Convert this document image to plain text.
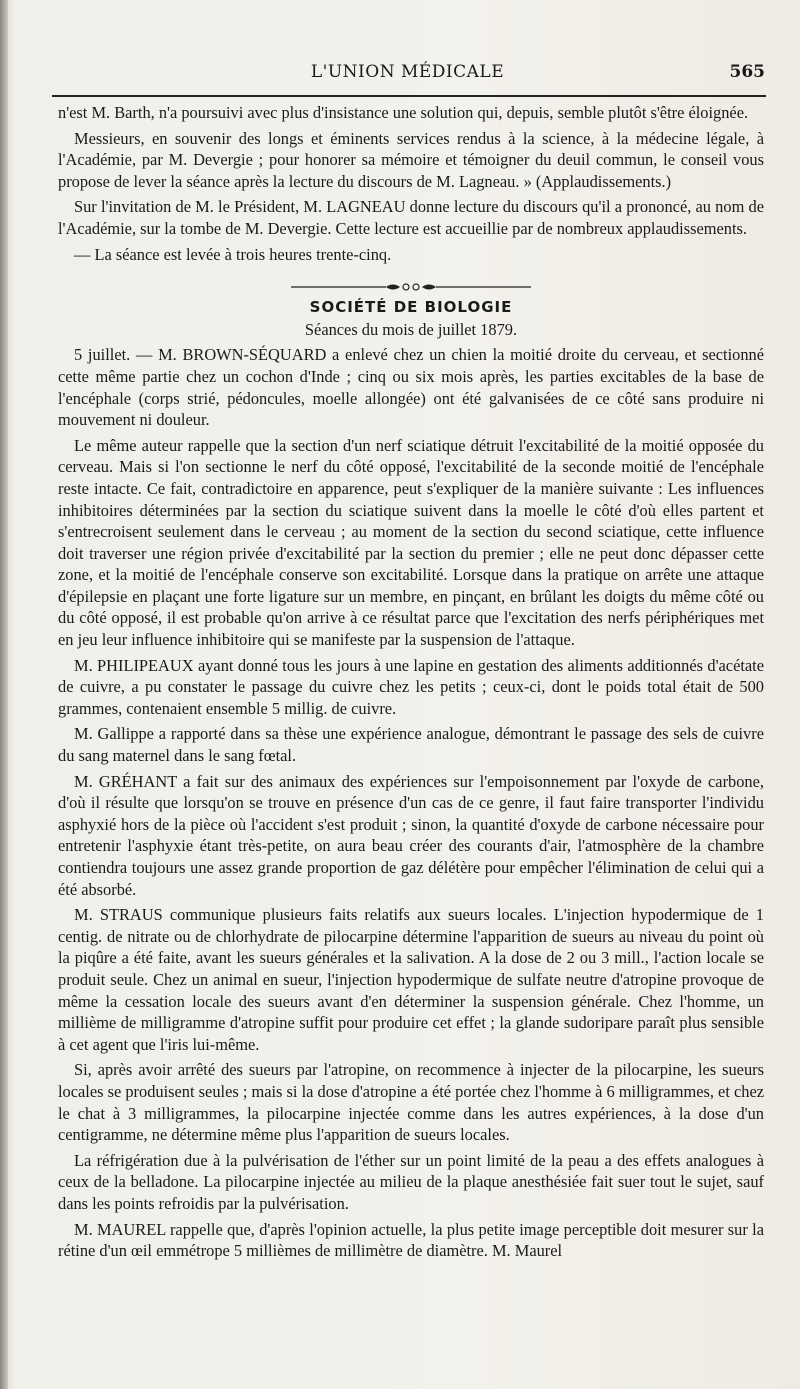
L'UNION MÉDICALE	565

n'est M. Barth, n'a poursuivi avec plus d'insistance une solution qui, depuis, semble plutôt s'être éloignée.

Messieurs, en souvenir des longs et éminents services rendus à la science, à la médecine légale, à l'Académie, par M. Devergie ; pour honorer sa mémoire et témoigner du deuil commun, le conseil vous propose de lever la séance après la lecture du discours de M. Lagneau. » (Applaudissements.)

Sur l'invitation de M. le Président, M. LAGNEAU donne lecture du discours qu'il a prononcé, au nom de l'Académie, sur la tombe de M. Devergie. Cette lecture est accueillie par de nombreux applaudissements.

— La séance est levée à trois heures trente-cinq.

SOCIÉTÉ DE BIOLOGIE

Séances du mois de juillet 1879.

5 juillet. — M. BROWN-SÉQUARD a enlevé chez un chien la moitié droite du cerveau, et sectionné cette même partie chez un cochon d'Inde ; cinq ou six mois après, les parties excitables de la base de l'encéphale (corps strié, pédoncules, moelle allongée) ont été galvanisées de ce côté sans produire ni mouvement ni douleur.

Le même auteur rappelle que la section d'un nerf sciatique détruit l'excitabilité de la moitié opposée du cerveau. Mais si l'on sectionne le nerf du côté opposé, l'excitabilité de la seconde moitié de l'encéphale reste intacte. Ce fait, contradictoire en apparence, peut s'expliquer de la manière suivante : Les influences inhibitoires déterminées par la section du sciatique suivent dans la moelle le côté d'où elles partent et s'entrecroisent seulement dans le cerveau ; au moment de la section du second sciatique, cette influence doit traverser une région privée d'excitabilité par la section du premier ; elle ne peut donc dépasser cette zone, et la moitié de l'encéphale conserve son excitabilité. Lorsque dans la pratique on arrête une attaque d'épilepsie en plaçant une forte ligature sur un membre, en pinçant, en brûlant les doigts du même côté ou du côté opposé, il est probable qu'on arrive à ce résultat parce que l'excitation des nerfs périphériques met en jeu leur influence inhibitoire qui se manifeste par la suspension de l'attaque.

M. PHILIPEAUX ayant donné tous les jours à une lapine en gestation des aliments additionnés d'acétate de cuivre, a pu constater le passage du cuivre chez les petits ; ceux-ci, dont le poids total était de 500 grammes, contenaient ensemble 5 millig. de cuivre.

M. Gallippe a rapporté dans sa thèse une expérience analogue, démontrant le passage des sels de cuivre du sang maternel dans le sang fœtal.

M. GRÉHANT a fait sur des animaux des expériences sur l'empoisonnement par l'oxyde de carbone, d'où il résulte que lorsqu'on se trouve en présence d'un cas de ce genre, il faut faire transporter l'individu asphyxié hors de la pièce où l'accident s'est produit ; sinon, la quantité d'oxyde de carbone nécessaire pour entretenir l'asphyxie étant très-petite, on aura beau créer des courants d'air, l'atmosphère de la chambre contiendra toujours une assez grande proportion de gaz délétère pour empêcher l'élimination de celui qui a été absorbé.

M. STRAUS communique plusieurs faits relatifs aux sueurs locales. L'injection hypodermique de 1 centig. de nitrate ou de chlorhydrate de pilocarpine détermine l'apparition de sueurs au niveau du point où la piqûre a été faite, avant les sueurs générales et la salivation. A la dose de 2 ou 3 mill., l'action locale se produit seule. Chez un animal en sueur, l'injection hypodermique de sulfate neutre d'atropine provoque de même la cessation locale des sueurs avant d'en déterminer la suspension générale. Chez l'homme, un millième de milligramme d'atropine suffit pour produire cet effet ; la glande sudoripare paraît plus sensible à cet agent que l'iris lui-même.

Si, après avoir arrêté des sueurs par l'atropine, on recommence à injecter de la pilocarpine, les sueurs locales se produisent seules ; mais si la dose d'atropine a été portée chez l'homme à 6 milligrammes, et chez le chat à 3 milligrammes, la pilocarpine injectée comme dans les autres expériences, à la dose d'un centigramme, ne détermine même plus l'apparition de sueurs locales.

La réfrigération due à la pulvérisation de l'éther sur un point limité de la peau a des effets analogues à ceux de la belladone. La pilocarpine injectée au milieu de la plaque anesthésiée fait suer tout le sujet, sauf dans les points refroidis par la pulvérisation.

M. MAUREL rappelle que, d'après l'opinion actuelle, la plus petite image perceptible doit mesurer sur la rétine d'un œil emmétrope 5 millièmes de millimètre de diamètre. M. Maurel
